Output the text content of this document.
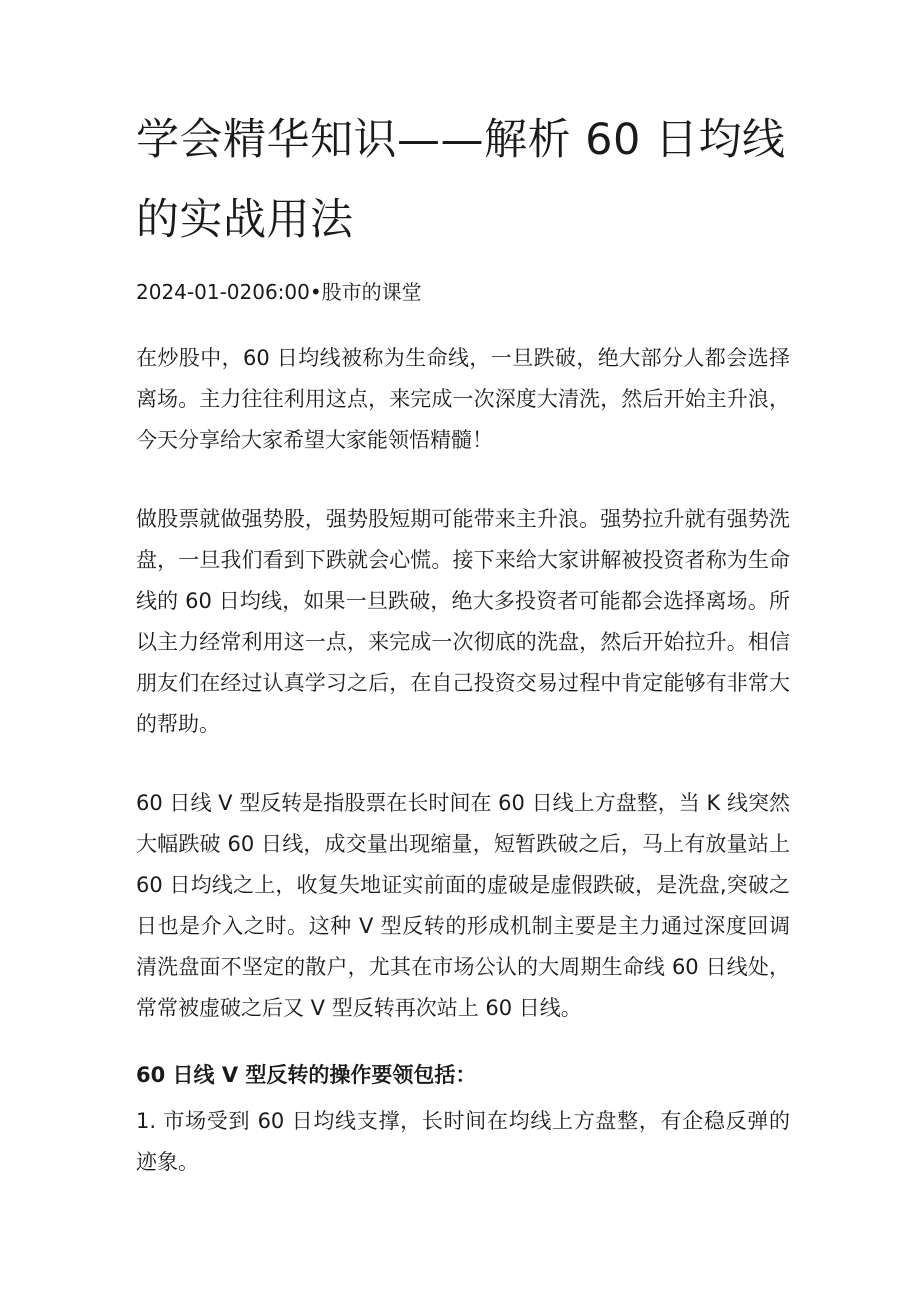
学会精华知识——解析 60 日均线的实战用法
2024-01-0206:00•股市的课堂

在炒股中，60 日均线被称为生命线，一旦跌破，绝大部分人都会选择离场。主力往往利用这点，来完成一次深度大清洗，然后开始主升浪，今天分享给大家希望大家能领悟精髓！

做股票就做强势股，强势股短期可能带来主升浪。强势拉升就有强势洗盘，一旦我们看到下跌就会心慌。接下来给大家讲解被投资者称为生命线的 60 日均线，如果一旦跌破，绝大多投资者可能都会选择离场。所以主力经常利用这一点，来完成一次彻底的洗盘，然后开始拉升。相信朋友们在经过认真学习之后，在自己投资交易过程中肯定能够有非常大的帮助。

60 日线 V 型反转是指股票在长时间在 60 日线上方盘整，当 K 线突然大幅跌破 60 日线，成交量出现缩量，短暂跌破之后，马上有放量站上 60 日均线之上，收复失地证实前面的虚破是虚假跌破，是洗盘,突破之日也是介入之时。这种 V 型反转的形成机制主要是主力通过深度回调清洗盘面不坚定的散户，尤其在市场公认的大周期生命线 60 日线处，常常被虚破之后又 V 型反转再次站上 60 日线。

60 日线 V 型反转的操作要领包括：

1. 市场受到 60 日均线支撑，长时间在均线上方盘整，有企稳反弹的迹象。
